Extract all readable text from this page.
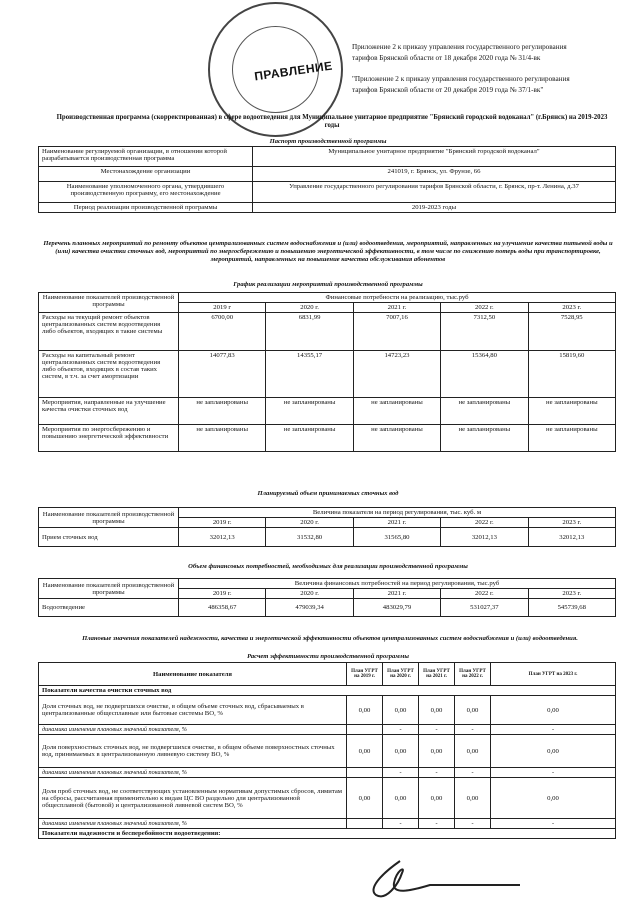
ПРАВЛЕНИЕ
Приложение 2 к приказу управления государственного регулирования
тарифов Брянской области от 18 декабря 2020 года № 31/4-вк
"Приложение 2 к приказу управления государственного регулирования
тарифов Брянской области от 20 декабря 2019 года № 37/1-вк"
Производственная программа (скорректированная) в сфере водоотведения для Муниципальное унитарное предприятие "Брянский городской водоканал" (г.Брянск) на 2019-2023 годы
Паспорт производственной программы
Наименование регулируемой организации, в отношении которой разрабатывается производственная программа	Муниципальное унитарное предприятие "Брянский городской водоканал"
Местонахождение организации	241019, г. Брянск, ул. Фрунзе, 66
Наименование уполномоченного органа, утвердившего производственную программу, его местонахождение	Управление государственного регулирования тарифов Брянской области, г. Брянск, пр-т. Ленина, д.37
Период реализации производственной программы	2019-2023 годы
Перечень плановых мероприятий по ремонту объектов централизованных систем водоснабжения и (или) водоотведения, мероприятий, направленных на улучшение качества питьевой воды и (или) качества очистки сточных вод, мероприятий по энергосбережению и повышению энергетической эффективности, в том числе по снижению потерь воды при транспортировке, мероприятий, направленных на повышение качества обслуживания абонентов
График реализации мероприятий производственной программы
Наименование показателей производственной программы	Финансовые потребности на реализацию, тыс.руб				
	2019 г	2020 г.	2021 г.	2022 г.	2023 г.
Расходы на текущий ремонт объектов централизованных систем водоотведения либо объектов, входящих в такие системы	6700,00	6831,99	7007,16	7312,50	7528,95
Расходы на капитальный ремонт централизованных систем водоотведения либо объектов, входящих в состав таких систем, в т.ч. за счет амортизации	14077,83	14355,17	14723,23	15364,80	15819,60
Мероприятия, направленные на улучшение качества очистки сточных вод	не запланированы	не запланированы	не запланированы	не запланированы	не запланированы
Мероприятия по энергосбережению и повышению энергетической эффективности	не запланированы	не запланированы	не запланированы	не запланированы	не запланированы
Планируемый объем принимаемых сточных вод
Наименование показателей производственной программы	Величина показателя на период регулирования, тыс. куб. м				
	2019 г.	2020 г.	2021 г.	2022 г.	2023 г.
Прием сточных вод	32012,13	31532,80	31565,80	32012,13	32012,13
Объем финансовых потребностей, необходимых для реализации производственной программы
Наименование показателей производственной программы	Величина финансовых потребностей на период регулирования, тыс.руб				
	2019 г.	2020 г.	2021 г.	2022 г.	2023 г.
Водоотведение	486358,67	479039,34	483029,79	531027,37	545739,68
Плановые значения показателей надежности, качества и энергетической эффективности объектов централизованных систем водоснабжения и (или) водоотведения.
Расчет эффективности производственной программы
Наименование показателя	План УГРТ на 2019 г.	План УГРТ на 2020 г.	План УГРТ на 2021 г.	План УГРТ на 2022 г.	План УГРТ на 2023 г.
Показатели качества очистки сточных вод					
Доля сточных вод, не подвергшихся очистке, в общем объеме сточных вод, сбрасываемых в централизованные общесплавные или бытовые системы ВО, %	0,00	0,00	0,00	0,00	0,00
динамика изменения плановых значений показателя, %		-	-	-	-
Доля поверхностных сточных вод, не подвергшихся очистке, в общем объеме поверхностных сточных вод, принимаемых в централизованную ливневую систему ВО, %	0,00	0,00	0,00	0,00	0,00
динамика изменения плановых значений показателя, %		-	-	-	-
Доля проб сточных вод, не соответствующих установленным нормативам допустимых сбросов, лимитам на сбросы, рассчитанная применительно к видам ЦС ВО раздельно для централизованной общесплавной (бытовой) и централизованной ливневой систем ВО, %	0,00	0,00	0,00	0,00	0,00
динамика изменения плановых значений показателя, %		-	-	-	-
Показатели надежности и бесперебойности водоотведения:					
